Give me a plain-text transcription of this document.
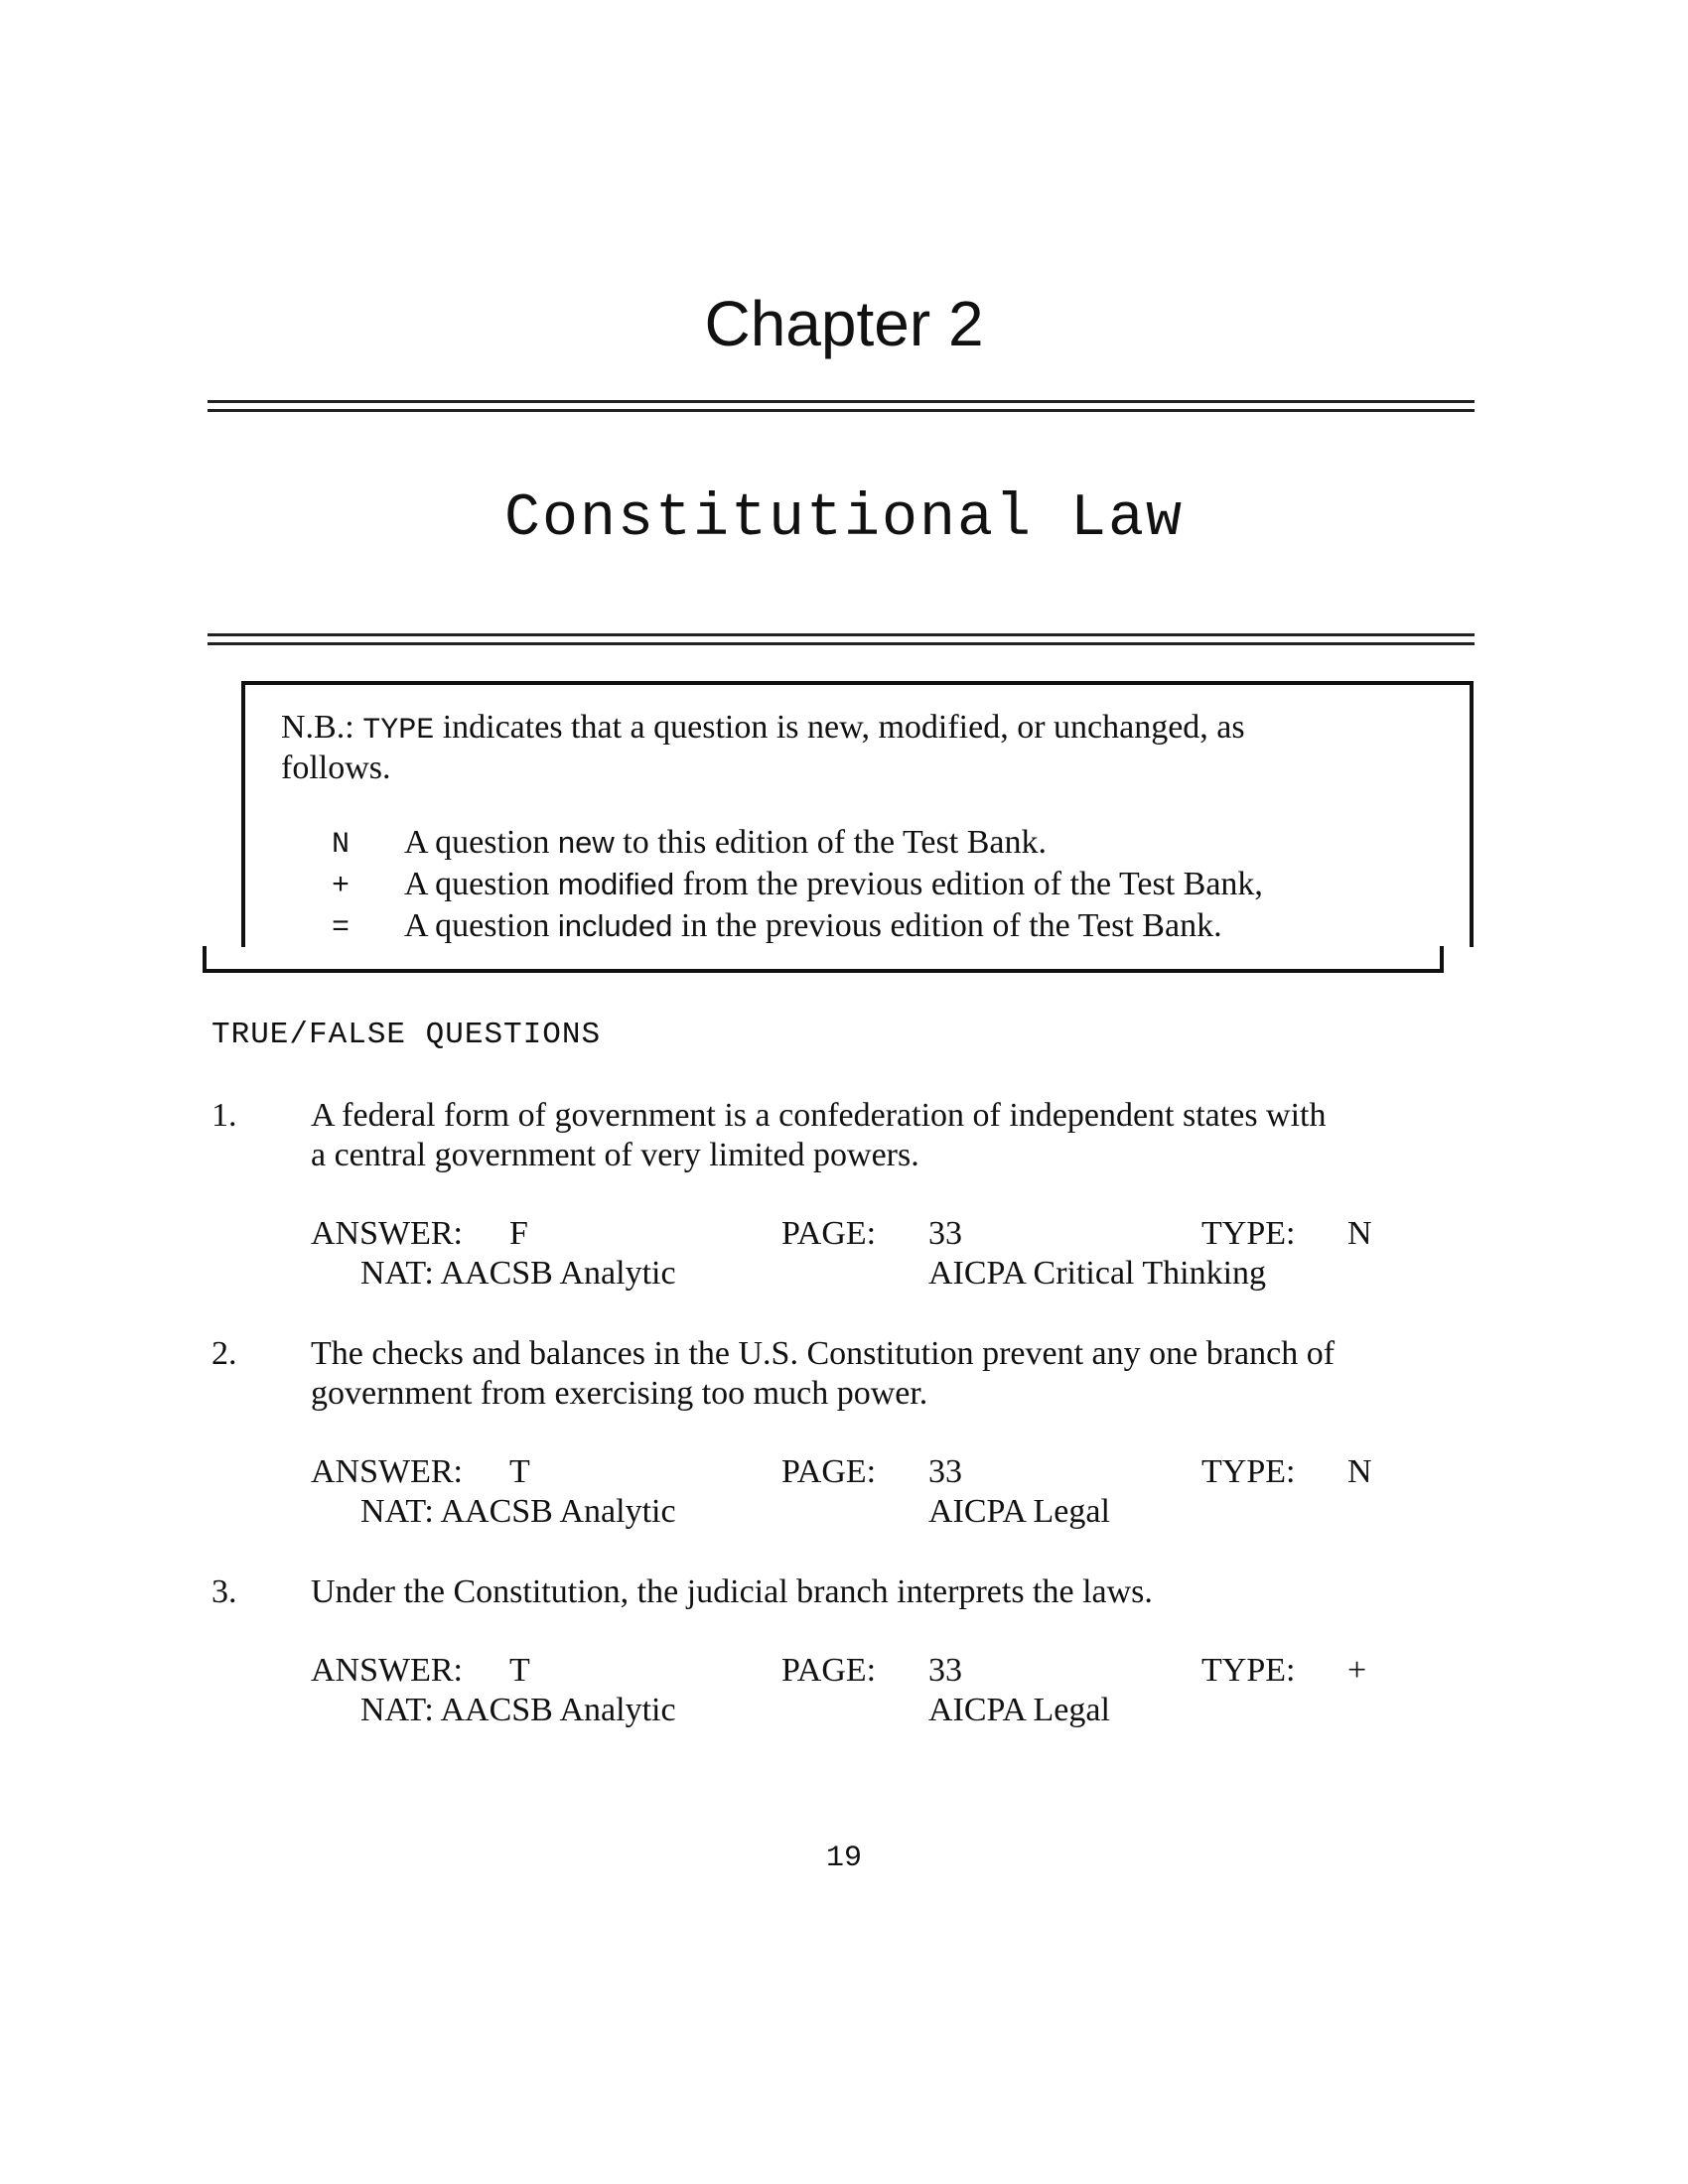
Chapter 2
Constitutional Law
N.B.: TYPE indicates that a question is new, modified, or unchanged, as
follows.
N	A question new to this edition of the Test Bank.
+	A question modified from the previous edition of the Test Bank,
=	A question included in the previous edition of the Test Bank.
TRUE/FALSE QUESTIONS
1. A federal form of government is a confederation of independent states with
a central government of very limited powers.
ANSWER: F	PAGE: 33	TYPE: N
NAT: AACSB Analytic	AICPA Critical Thinking
2. The checks and balances in the U.S. Constitution prevent any one branch of
government from exercising too much power.
ANSWER: T	PAGE: 33	TYPE: N
NAT: AACSB Analytic	AICPA Legal
3. Under the Constitution, the judicial branch interprets the laws.
ANSWER: T	PAGE: 33	TYPE: +
NAT: AACSB Analytic	AICPA Legal
19
